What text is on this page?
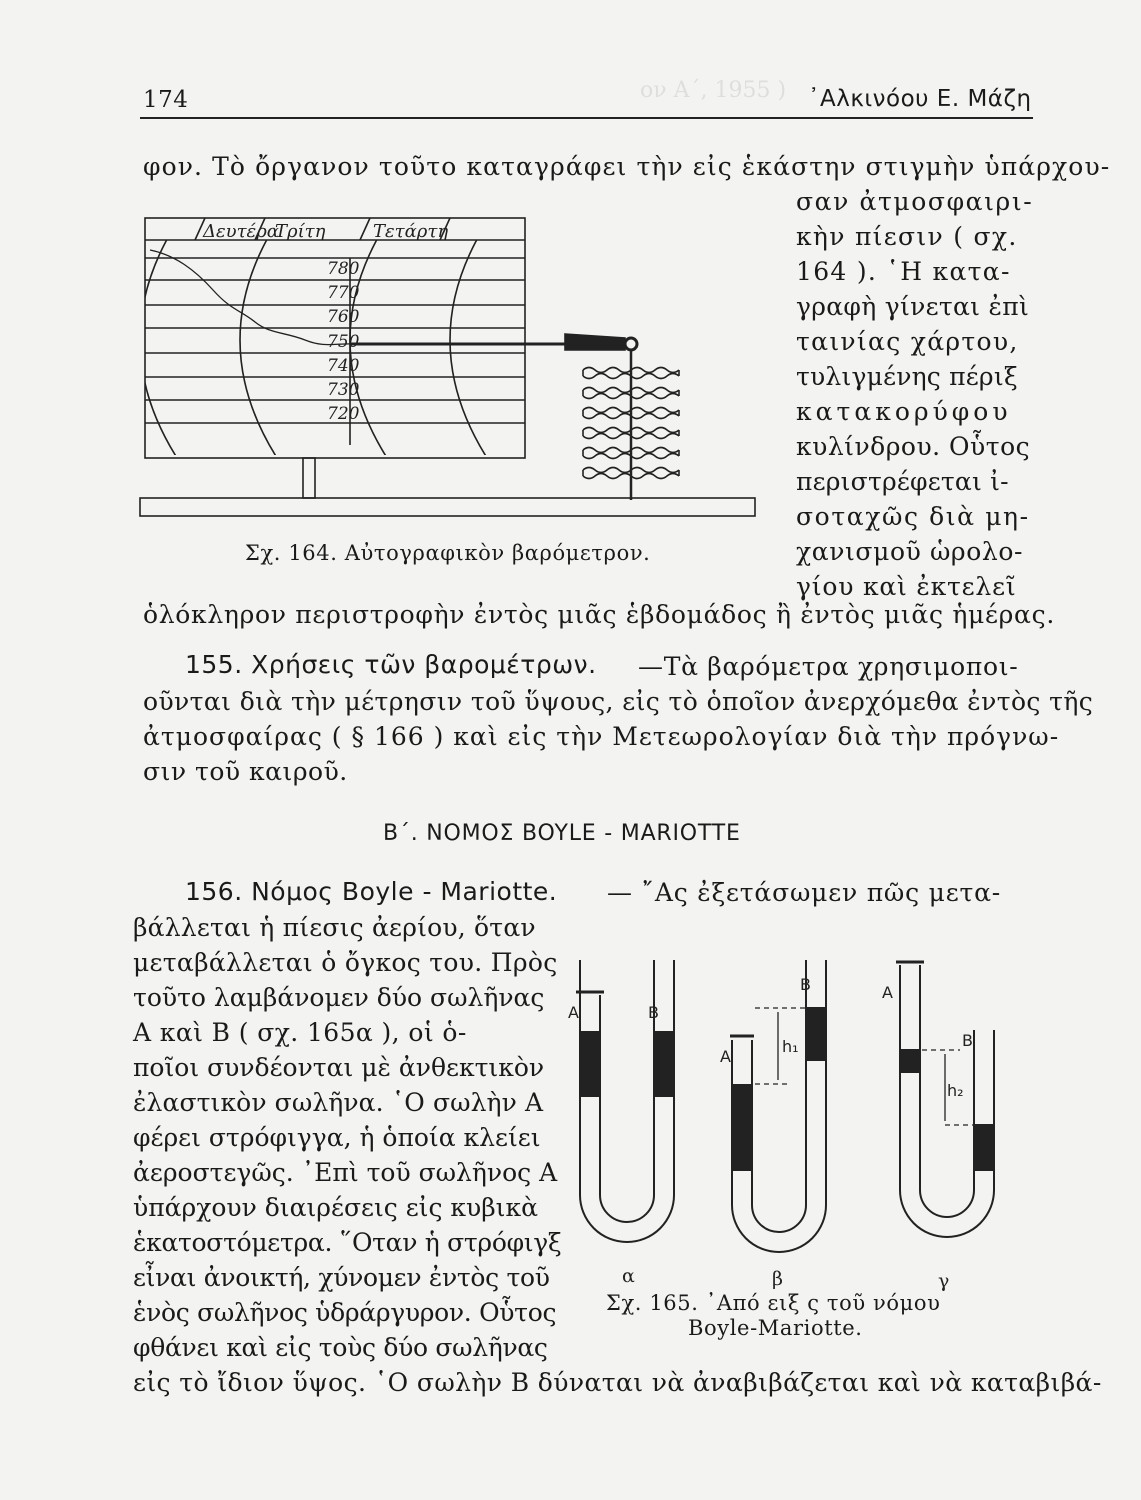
ον Α΄, 1955 )
174	᾿Αλκινόου Ε. Μάζη
φον. Τὸ ὄργανον τοῦτο καταγράφει τὴν εἰς ἑκάστην στιγμὴν ὑπάρχου-
σαν ἀτμοσφαιρι-
κὴν πίεσιν ( σχ.
164 ). ῾Η κατα-
γραφὴ γίνεται ἐπὶ
ταινίας χάρτου,
τυλιγμένης πέριξ
κατακορύφου
κυλίνδρου. Οὗτος
περιστρέφεται ἰ-
σοταχῶς διὰ μη-
χανισμοῦ ὡρολο-
γίου καὶ ἐκτελεῖ
ὁλόκληρον περιστροφὴν ἐντὸς μιᾶς ἑβδομάδος ἢ ἐντὸς μιᾶς ἡμέρας.
Δευτέρα
Τρίτη	Τετάρτη
780
770
760
750
740
730
720
Σχ. 164. Αὐτογραφικὸν βαρόμετρον.
155. Χρήσεις τῶν βαρομέτρων. —Τὰ βαρόμετρα χρησιμοποι-
οῦνται διὰ τὴν μέτρησιν τοῦ ὕψους, εἰς τὸ ὁποῖον ἀνερχόμεθα ἐντὸς τῆς
ἀτμοσφαίρας ( § 166 ) καὶ εἰς τὴν Μετεωρολογίαν διὰ τὴν πρόγνω-
σιν τοῦ καιροῦ.
Β΄. ΝΟΜΟΣ BOYLE - MARIOTTE
156. Νόμος Boyle - Mariotte. — ῎Ας ἐξετάσωμεν πῶς μετα-
βάλλεται ἡ πίεσις ἀερίου, ὅταν
μεταβάλλεται ὁ ὄγκος του. Πρὸς
τοῦτο λαμβάνομεν δύο σωλῆνας
Α καὶ Β ( σχ. 165α ), οἱ ὁ-
ποῖοι συνδέονται μὲ ἀνθεκτικὸν
ἐλαστικὸν σωλῆνα. ῾Ο σωλὴν Α
φέρει στρόφιγγα, ἡ ὁποία κλείει
ἀεροστεγῶς. ᾿Επὶ τοῦ σωλῆνος Α
ὑπάρχουν διαιρέσεις εἰς κυβικὰ
ἑκατοστόμετρα. ῞Οταν ἡ στρόφιγξ
εἶναι ἀνοικτή, χύνομεν ἐντὸς τοῦ
ἑνὸς σωλῆνος ὑδράργυρον. Οὗτος
φθάνει καὶ εἰς τοὺς δύο σωλῆνας
εἰς τὸ ἴδιον ὕψος. ῾Ο σωλὴν Β δύναται νὰ ἀναβιβάζεται καὶ νὰ καταβιβά-
Α	Β
Α
Β	Α
Β
h₁
h₂
α	β	γ
Σχ. 165. ᾿Από ειξ ς τοῦ νόμου
Boyle-Mariotte.
